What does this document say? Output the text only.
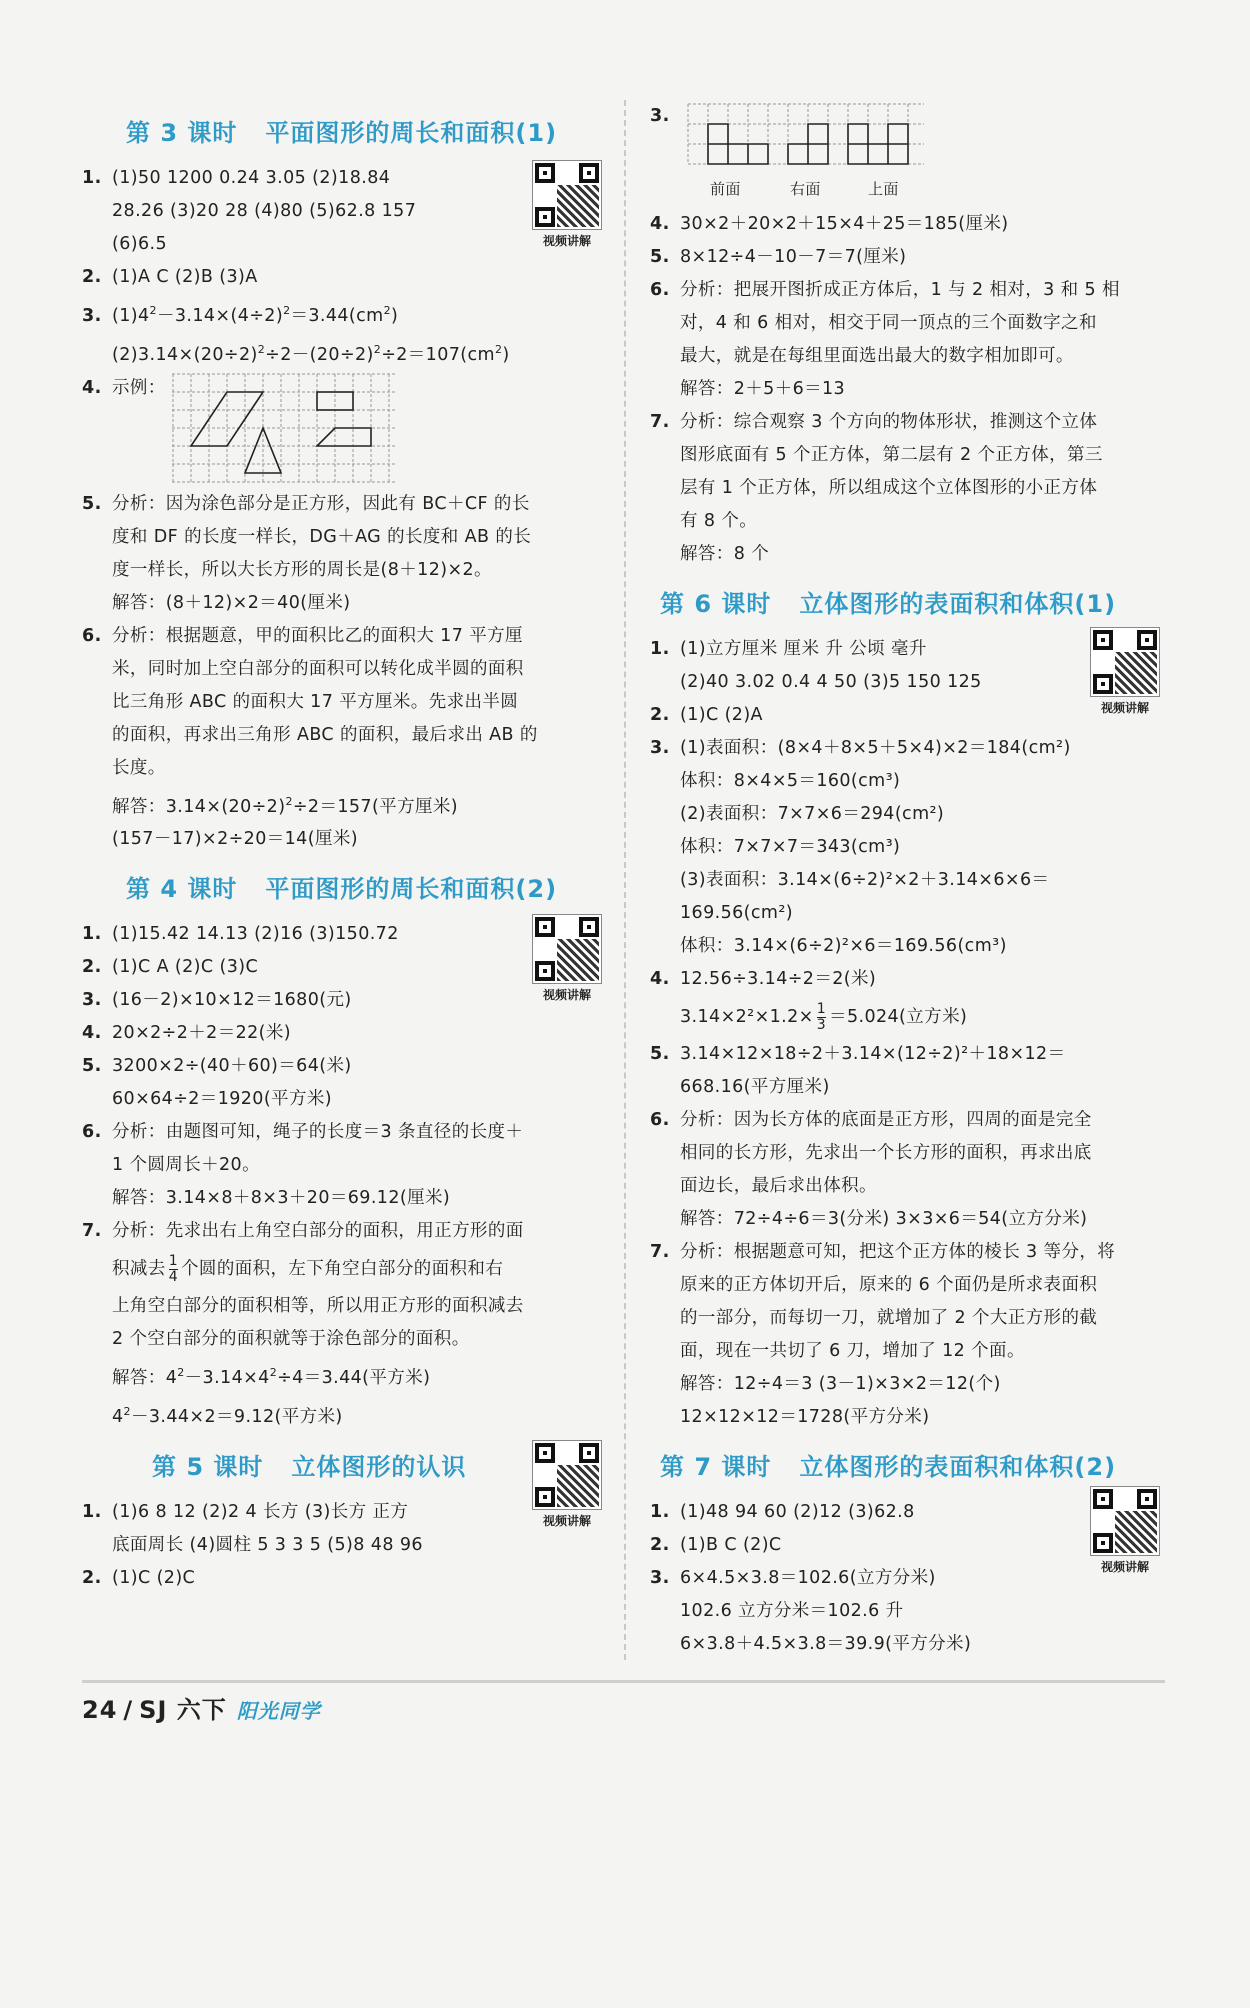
第 3 课时 平面图形的周长和面积(1)
视频讲解
1. (1)50 1200 0.24 3.05 (2)18.84
28.26 (3)20 28 (4)80 (5)62.8 157
(6)6.5
2. (1)A C (2)B (3)A
3. $(1)4^2-3.14\times(4\div 2)^2=3.44(cm^2)$
$(2)3.14\times(20\div 2)^2\div 2-(20\div 2)^2\div 2=107(cm^2)$
4. 示例：
5. 分析：因为涂色部分是正方形，因此有 BC＋CF 的长
度和 DF 的长度一样长，DG＋AG 的长度和 AB 的长
度一样长，所以大长方形的周长是(8＋12)×2。
解答：(8＋12)×2＝40(厘米)
6. 分析：根据题意，甲的面积比乙的面积大 17 平方厘
米，同时加上空白部分的面积可以转化成半圆的面积
比三角形 ABC 的面积大 17 平方厘米。先求出半圆
的面积，再求出三角形 ABC 的面积，最后求出 AB 的
长度。
解答：$3.14\times(20\div 2)^2\div 2=157$(平方厘米)
(157－17)×2÷20＝14(厘米)
第 4 课时 平面图形的周长和面积(2)
视频讲解
1. (1)15.42 14.13 (2)16 (3)150.72
2. (1)C A (2)C (3)C
3. (16－2)×10×12＝1680(元)
4. 20×2÷2＋2＝22(米)
5. 3200×2÷(40＋60)＝64(米)
60×64÷2＝1920(平方米)
6. 分析：由题图可知，绳子的长度＝3 条直径的长度＋
1 个圆周长＋20。
解答：3.14×8＋8×3＋20＝69.12(厘米)
7. 分析：先求出右上角空白部分的面积，用正方形的面
积减去 $\frac{1}{4}$ 个圆的面积，左下角空白部分的面积和右
上角空白部分的面积相等，所以用正方形的面积减去
2 个空白部分的面积就等于涂色部分的面积。
解答：$4^2-3.14\times 4^2\div 4=3.44$(平方米)
$4^2-3.44\times 2=9.12$(平方米)
第 5 课时 立体图形的认识
视频讲解
1. (1)6 8 12 (2)2 4 长方 (3)长方 正方
底面周长 (4)圆柱 5 3 3 5 (5)8 48 96
2. (1)C (2)C
3.
前面	右面	上面
4. 30×2＋20×2＋15×4＋25＝185(厘米)
5. 8×12÷4－10－7＝7(厘米)
6. 分析：把展开图折成正方体后，1 与 2 相对，3 和 5 相
对，4 和 6 相对，相交于同一顶点的三个面数字之和
最大，就是在每组里面选出最大的数字相加即可。
解答：2＋5＋6＝13
7. 分析：综合观察 3 个方向的物体形状，推测这个立体
图形底面有 5 个正方体，第二层有 2 个正方体，第三
层有 1 个正方体，所以组成这个立体图形的小正方体
有 8 个。
解答：8 个
第 6 课时 立体图形的表面积和体积(1)
视频讲解
1. (1)立方厘米 厘米 升 公顷 毫升
(2)40 3.02 0.4 4 50 (3)5 150 125
2. (1)C (2)A
3. (1)表面积：(8×4＋8×5＋5×4)×2＝184(cm²)
体积：8×4×5＝160(cm³)
(2)表面积：7×7×6＝294(cm²)
体积：7×7×7＝343(cm³)
(3)表面积：3.14×(6÷2)²×2＋3.14×6×6＝
169.56(cm²)
体积：3.14×(6÷2)²×6＝169.56(cm³)
4. 12.56÷3.14÷2＝2(米)
$3.14\times 2^2\times 1.2\times \frac{1}{3} =5.024$(立方米)
5. 3.14×12×18÷2＋3.14×(12÷2)²＋18×12＝
668.16(平方厘米)
6. 分析：因为长方体的底面是正方形，四周的面是完全
相同的长方形，先求出一个长方形的面积，再求出底
面边长，最后求出体积。
解答：72÷4÷6＝3(分米) 3×3×6＝54(立方分米)
7. 分析：根据题意可知，把这个正方体的棱长 3 等分，将
原来的正方体切开后，原来的 6 个面仍是所求表面积
的一部分，而每切一刀，就增加了 2 个大正方形的截
面，现在一共切了 6 刀，增加了 12 个面。
解答：12÷4＝3 (3－1)×3×2＝12(个)
12×12×12＝1728(平方分米)
第 7 课时 立体图形的表面积和体积(2)
视频讲解
1. (1)48 94 60 (2)12 (3)62.8
2. (1)B C (2)C
3. 6×4.5×3.8＝102.6(立方分米)
102.6 立方分米＝102.6 升
6×3.8＋4.5×3.8＝39.9(平方分米)
24 / SJ 六下 阳光同学
